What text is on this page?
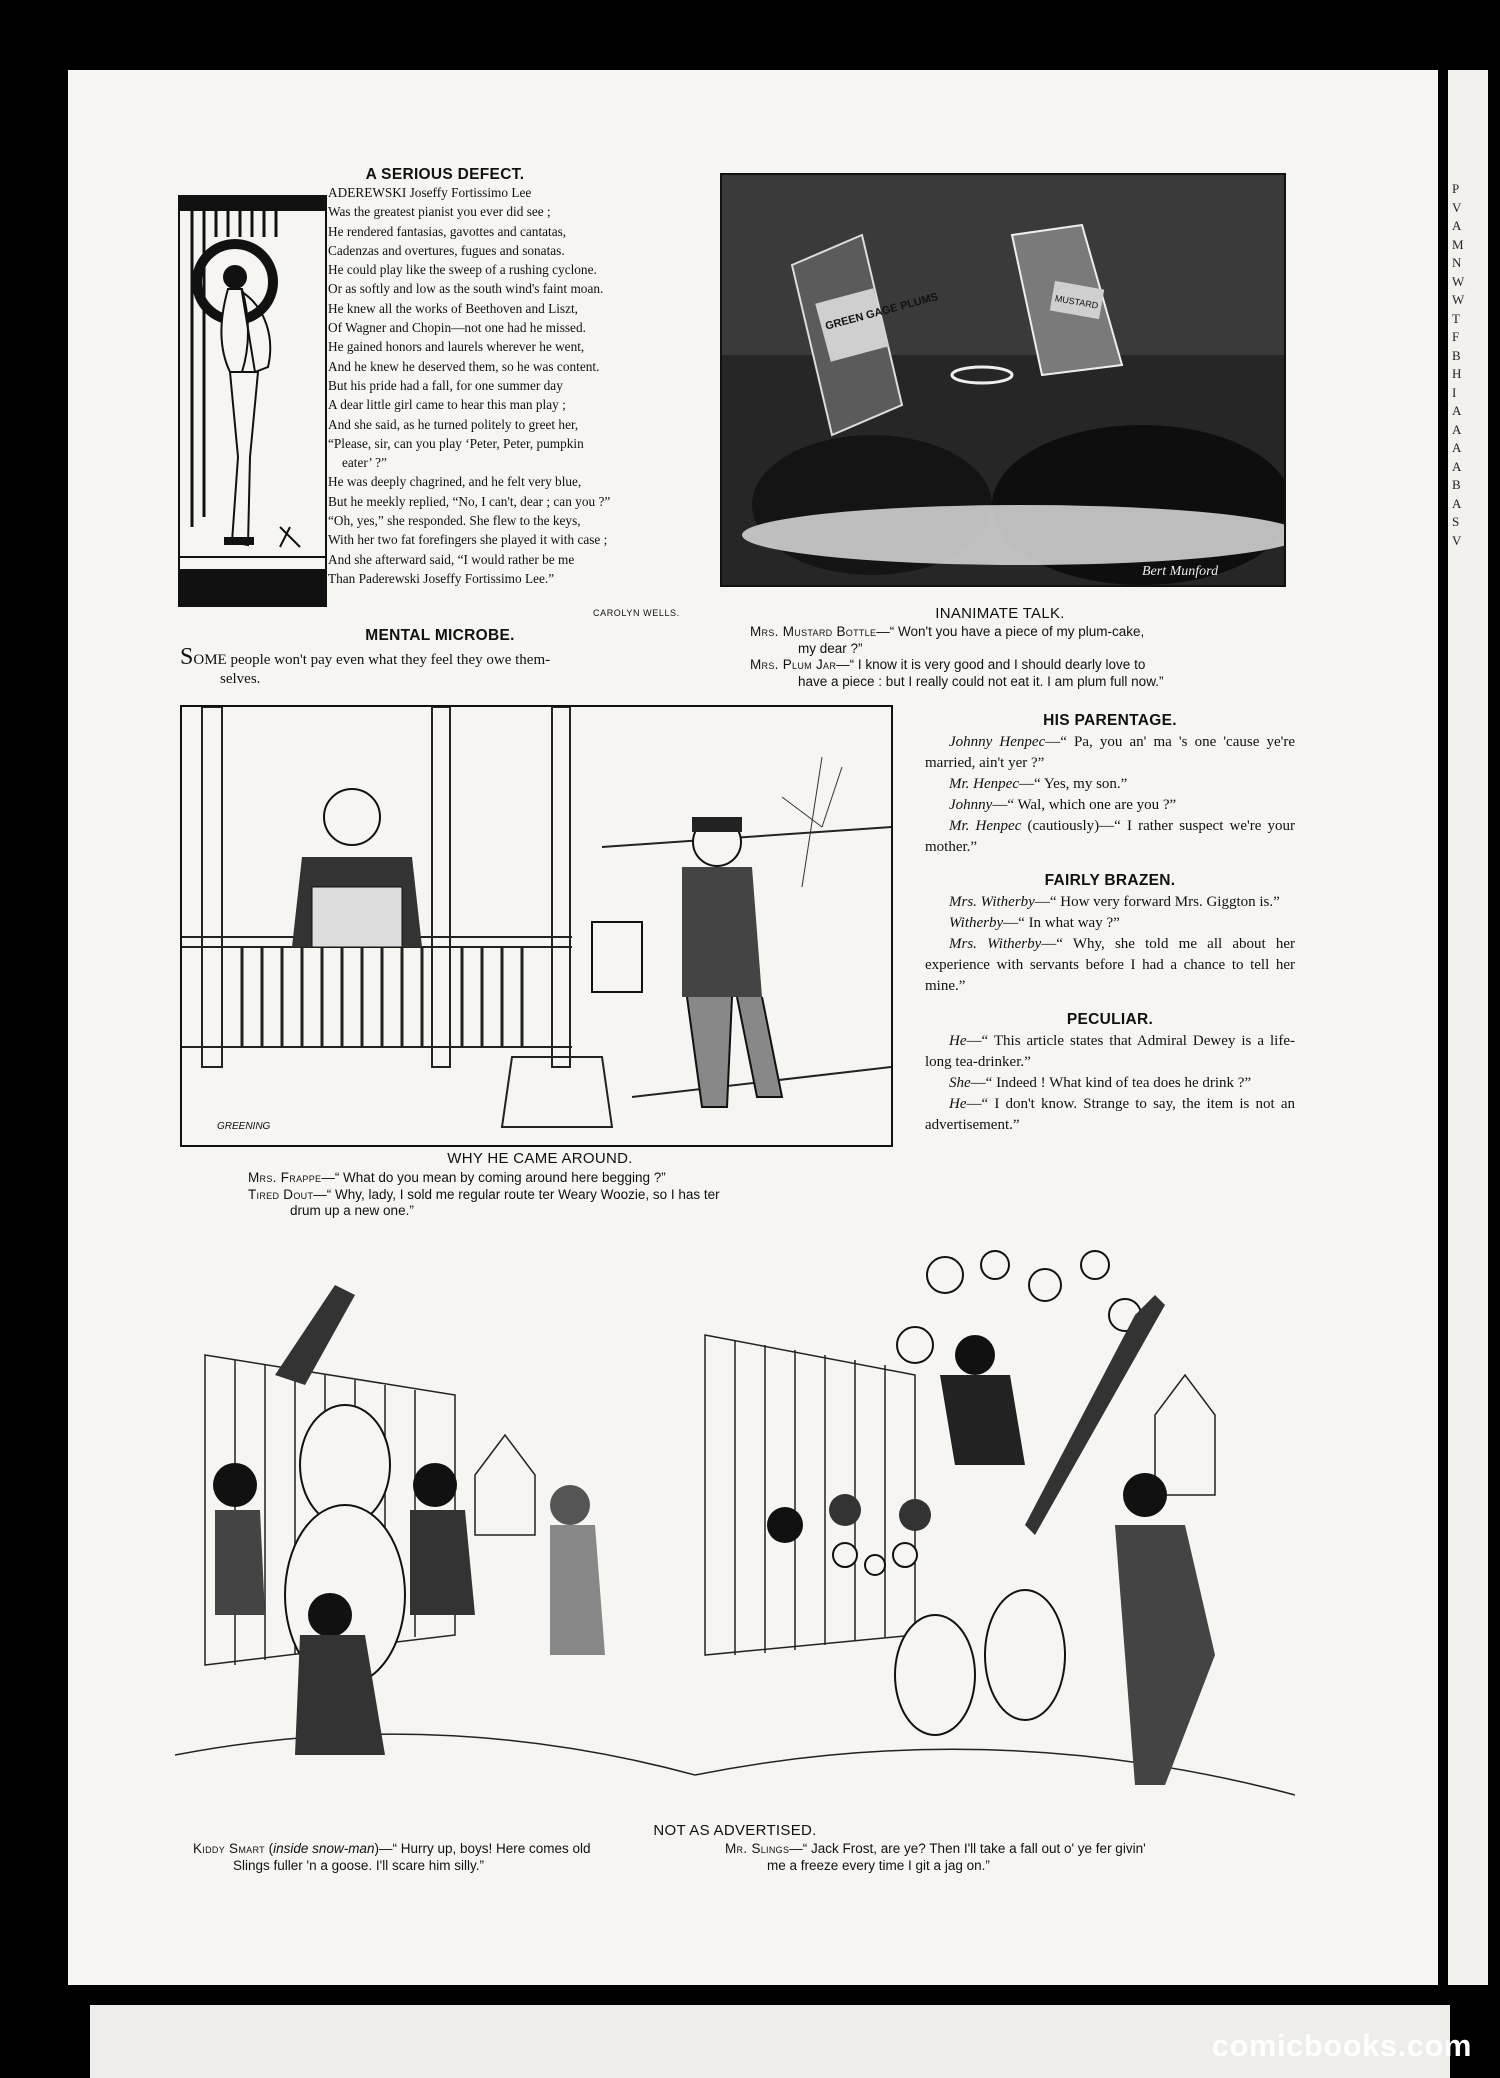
P
V
A
M
N
W
W
T
F
B
H
I
A
A
A
A
B
A
S
V
comicbooks.com
A SERIOUS DEFECT.

ADEREWSKI Joseffy Fortissimo Lee

Was the greatest pianist you ever did see ;

He rendered fantasias, gavottes and cantatas,

Cadenzas and overtures, fugues and sonatas.

He could play like the sweep of a rushing cyclone.

Or as softly and low as the south wind's faint moan.

He knew all the works of Beethoven and Liszt,

Of Wagner and Chopin—not one had he missed.

He gained honors and laurels wherever he went,

And he knew he deserved them, so he was content.

But his pride had a fall, for one summer day

A dear little girl came to hear this man play ;

And she said, as he turned politely to greet her,

“Please, sir, can you play ‘Peter, Peter, pumpkin

eater’ ?”

He was deeply chagrined, and he felt very blue,

But he meekly replied, “No, I can't, dear ; can you ?”

“Oh, yes,” she responded. She flew to the keys,

With her two fat forefingers she played it with case ;

And she afterward said, “I would rather be me

Than Paderewski Joseffy Fortissimo Lee.”

CAROLYN WELLS.
GREEN GAGE PLUMS	MUSTARD
Bert Munford
INANIMATE TALK.
Mrs. Mustard Bottle—“ Won't you have a piece of my plum-cake,
my dear ?”
Mrs. Plum Jar—“ I know it is very good and I should dearly love to
have a piece : but I really could not eat it. I am plum full now.”
MENTAL MICROBE.
SOME people won't pay even what they feel they owe them-
selves.
GREENING
WHY HE CAME AROUND.
Mrs. Frappe—“ What do you mean by coming around here begging ?”
Tired Dout—“ Why, lady, I sold me regular route ter Weary Woozie, so I has ter
drum up a new one.”
HIS PARENTAGE.

Johnny Henpec—“ Pa, you an' ma 's one 'cause ye're married, ain't yer ?”

Mr. Henpec—“ Yes, my son.”

Johnny—“ Wal, which one are you ?”

Mr. Henpec (cautiously)—“ I rather suspect we're your mother.”

FAIRLY BRAZEN.

Mrs. Witherby—“ How very forward Mrs. Giggton is.”

Witherby—“ In what way ?”

Mrs. Witherby—“ Why, she told me all about her experience with servants before I had a chance to tell her mine.”

PECULIAR.

He—“ This article states that Admiral Dewey is a life-long tea-drinker.”

She—“ Indeed ! What kind of tea does he drink ?”

He—“ I don't know. Strange to say, the item is not an advertisement.”

NOT AS ADVERTISED.
Kiddy Smart (inside snow-man)—“ Hurry up, boys! Here comes old
Slings fuller 'n a goose. I'll scare him silly.”
Mr. Slings—“ Jack Frost, are ye? Then I'll take a fall out o' ye fer givin'
me a freeze every time I git a jag on.”
